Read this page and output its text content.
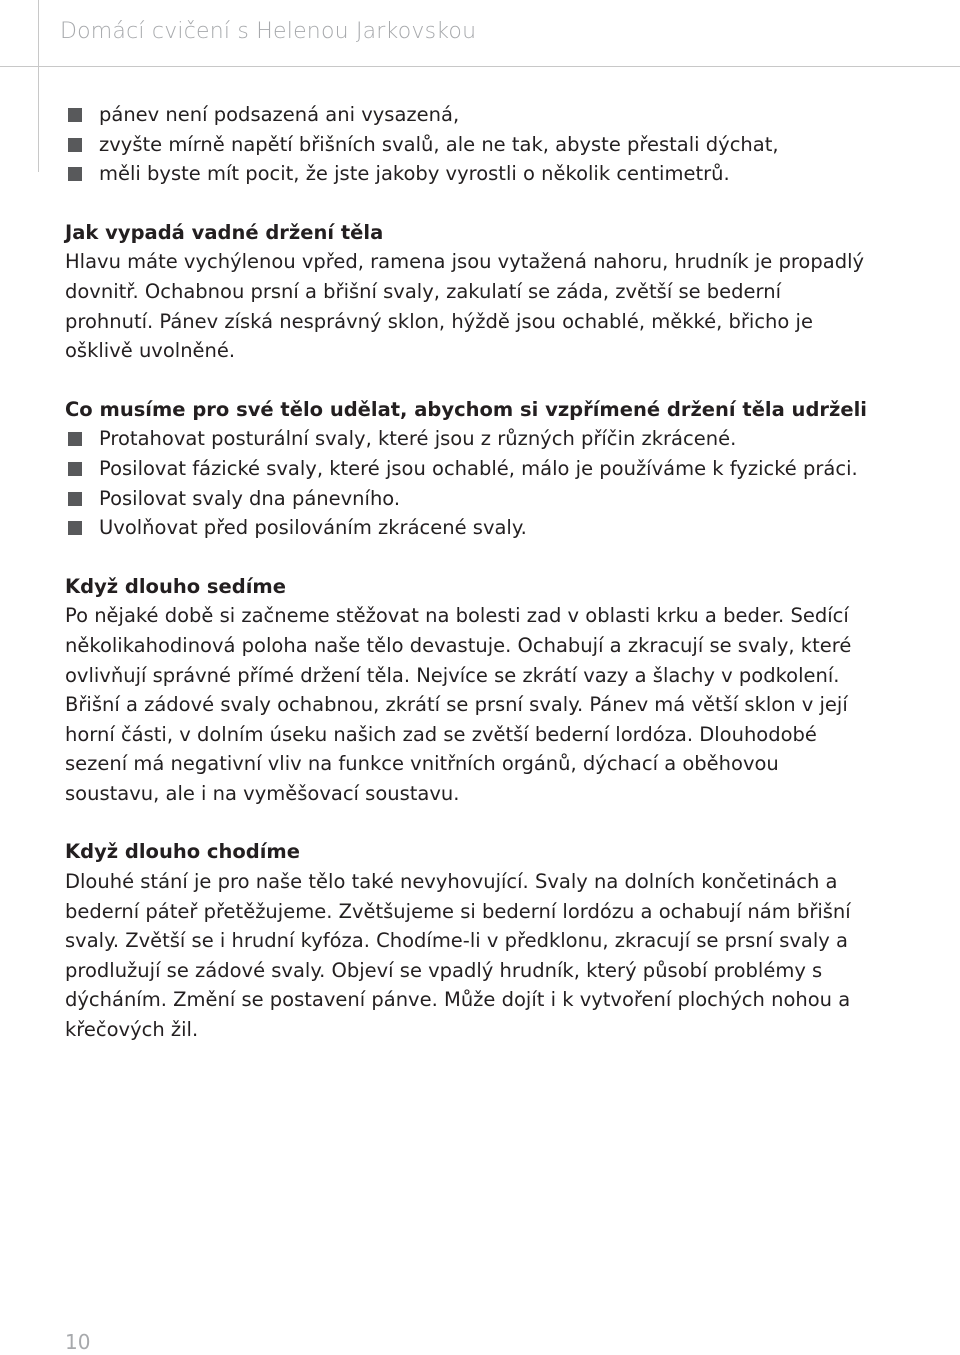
Domácí cvičení s Helenou Jarkovskou
pánev není podsazená ani vysazená,
zvyšte mírně napětí břišních svalů, ale ne tak, abyste přestali dýchat,
měli byste mít pocit, že jste jakoby vyrostli o několik centimetrů.
Jak vypadá vadné držení těla

Hlavu máte vychýlenou vpřed, ramena jsou vytažená nahoru, hrudník je propadlý dovnitř. Ochabnou prsní a břišní svaly, zakulatí se záda, zvětší se bederní prohnutí. Pánev získá nesprávný sklon, hýždě jsou ochablé, měkké, břicho je ošklivě uvolněné.

Co musíme pro své tělo udělat, abychom si vzpřímené držení těla udrželi
Protahovat posturální svaly, které jsou z různých příčin zkrácené.
Posilovat fázické svaly, které jsou ochablé, málo je používáme k fyzické práci.
Posilovat svaly dna pánevního.
Uvolňovat před posilováním zkrácené svaly.
Když dlouho sedíme

Po nějaké době si začneme stěžovat na bolesti zad v oblasti krku a beder. Sedící několikahodinová poloha naše tělo devastuje. Ochabují a zkracují se svaly, které ovlivňují správné přímé držení těla. Nejvíce se zkrátí vazy a šlachy v podkolení. Břišní a zádové svaly ochabnou, zkrátí se prsní svaly. Pánev má větší sklon v její horní části, v dolním úseku našich zad se zvětší bederní lordóza. Dlouhodobé sezení má negativní vliv na funkce vnitřních orgánů, dýchací a oběhovou soustavu, ale i na vyměšovací soustavu.

Když dlouho chodíme

Dlouhé stání je pro naše tělo také nevyhovující. Svaly na dolních končetinách a bederní páteř přetěžujeme. Zvětšujeme si bederní lordózu a ochabují nám břišní svaly. Zvětší se i hrudní kyfóza. Chodíme-li v předklonu, zkracují se prsní svaly a prodlužují se zádové svaly. Objeví se vpadlý hrudník, který působí problémy s dýcháním. Změní se postavení pánve. Může dojít i k vytvoření plochých nohou a křečových žil.

10
